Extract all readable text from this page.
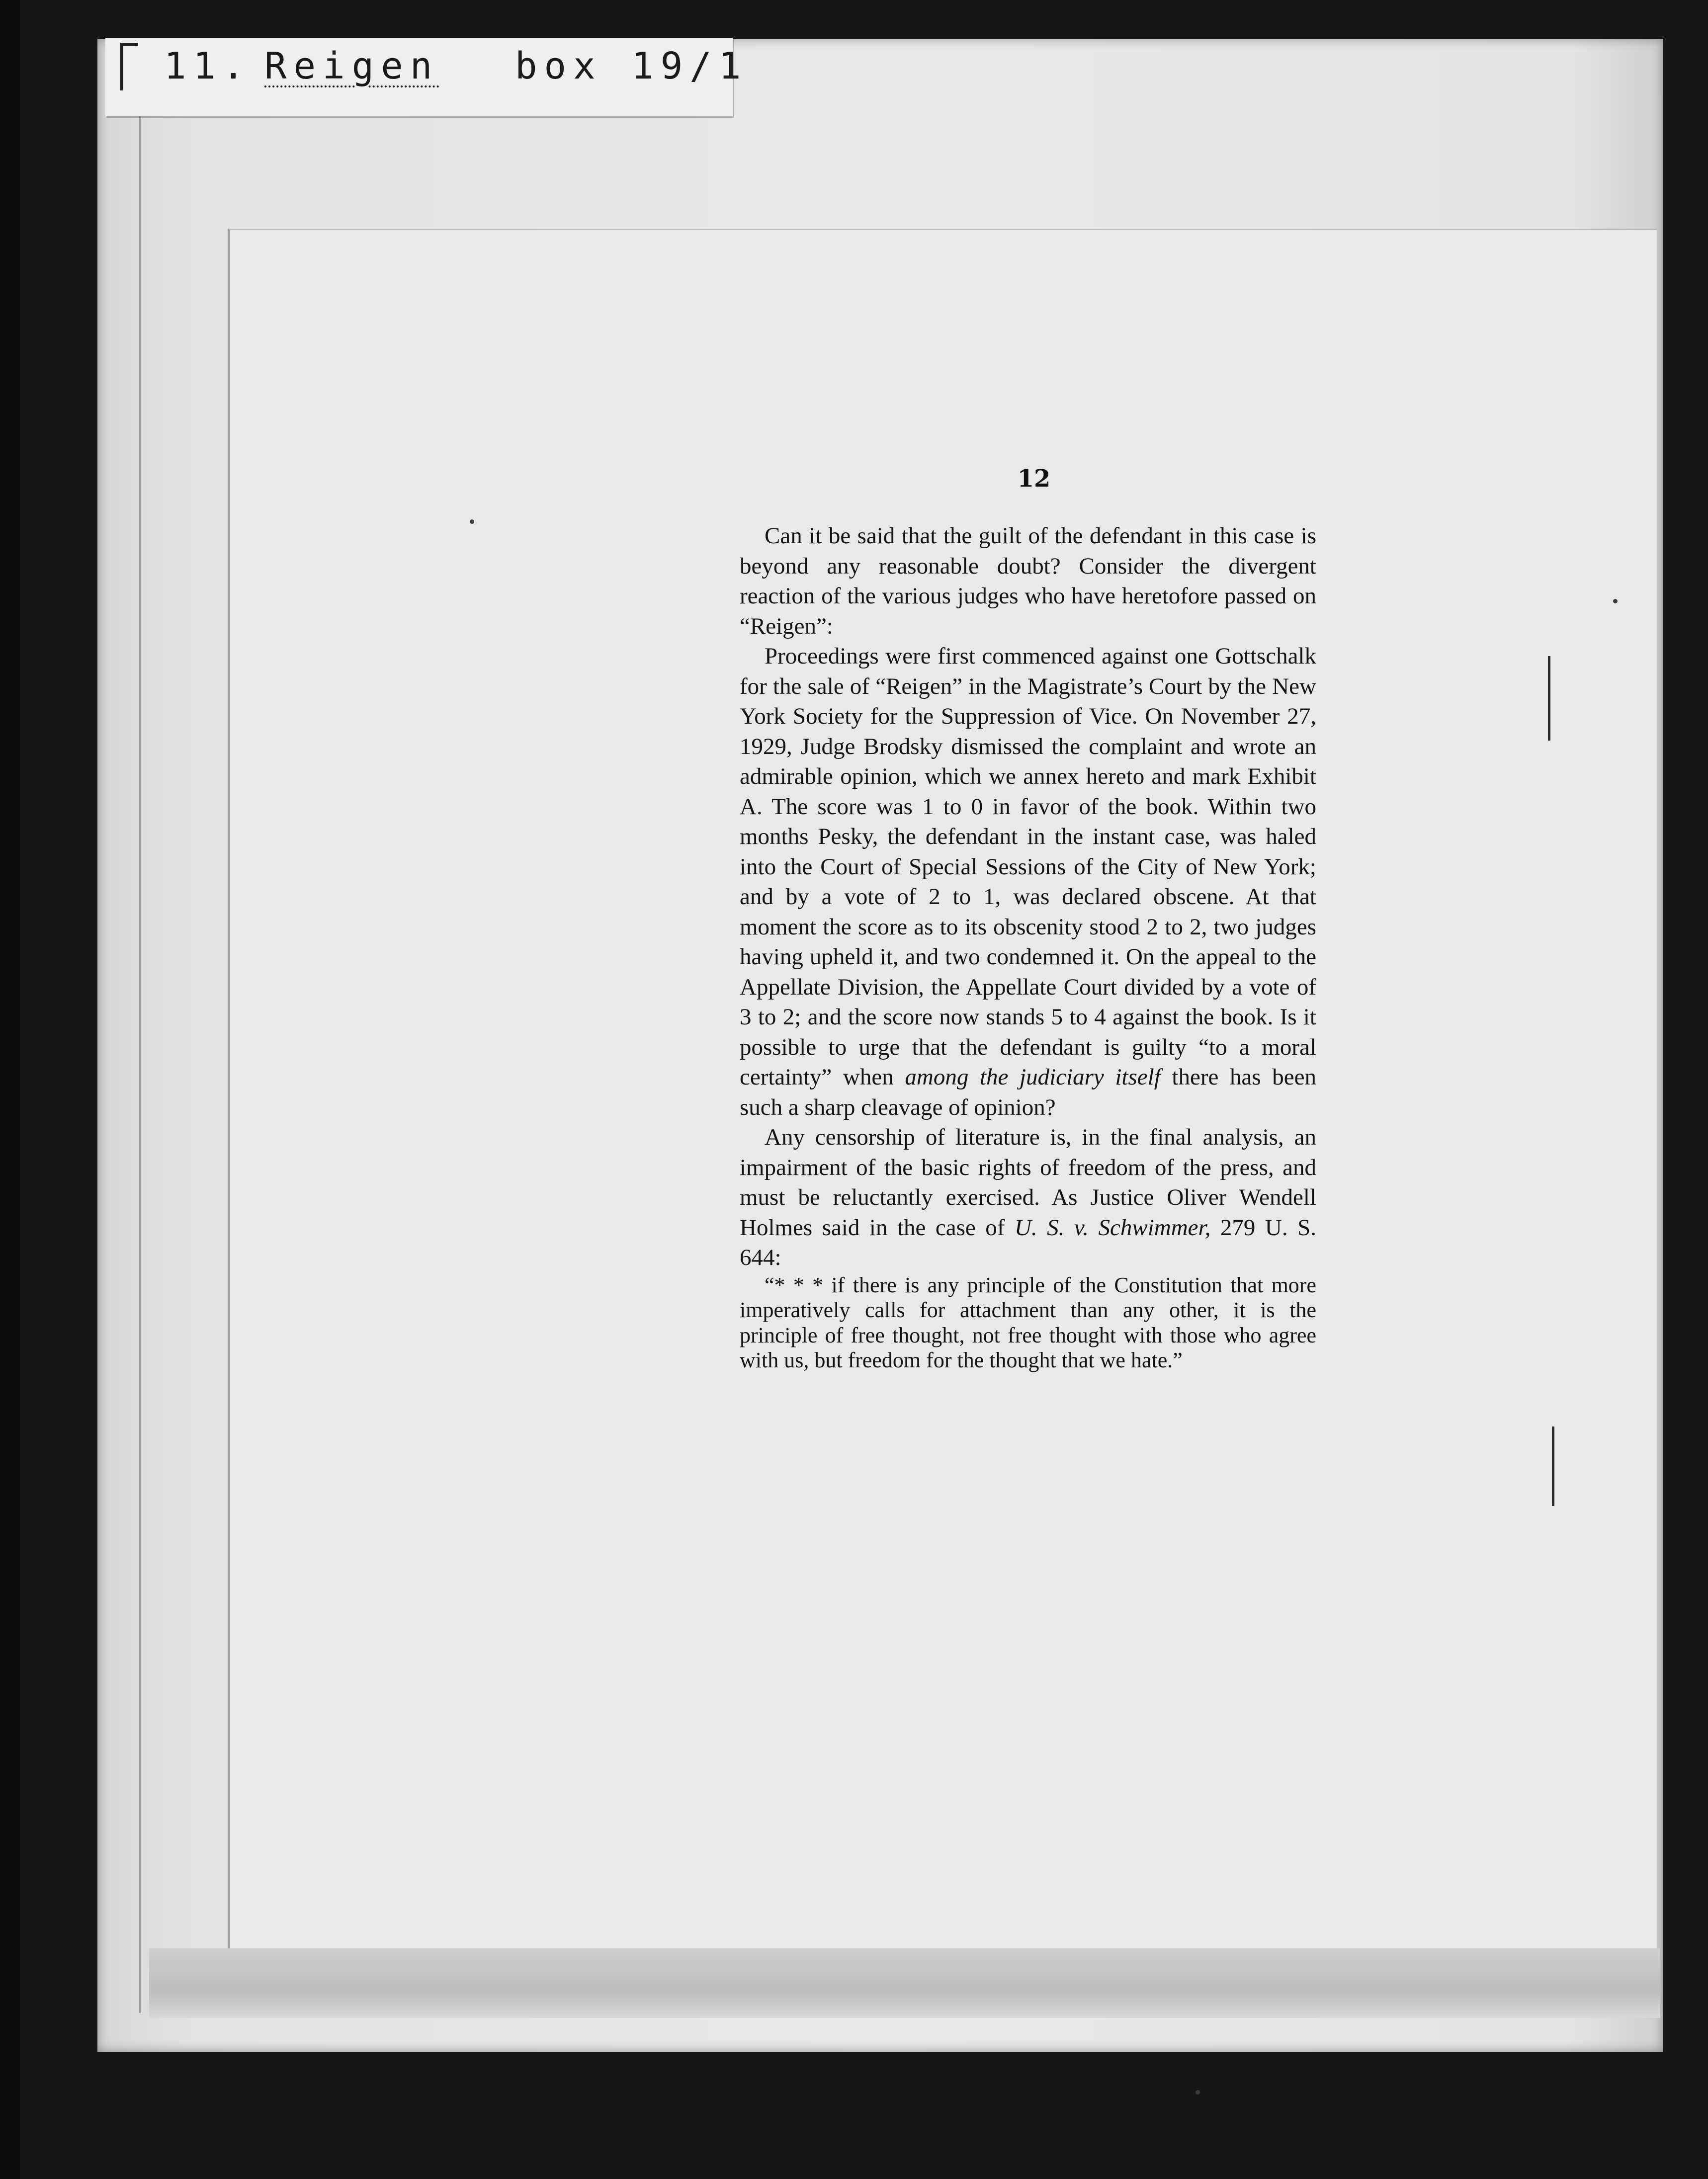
11. Reigen box 19/1
12

Can it be said that the guilt of the defendant in this case is beyond any reasonable doubt? Consider the divergent reaction of the various judges who have heretofore passed on “Reigen”:

Proceedings were first commenced against one Gottschalk for the sale of “Reigen” in the Magistrate’s Court by the New York Society for the Suppression of Vice. On November 27, 1929, Judge Brodsky dismissed the complaint and wrote an admirable opinion, which we annex hereto and mark Exhibit A. The score was 1 to 0 in favor of the book. Within two months Pesky, the defendant in the instant case, was haled into the Court of Special Sessions of the City of New York; and by a vote of 2 to 1, was declared obscene. At that moment the score as to its obscenity stood 2 to 2, two judges having upheld it, and two condemned it. On the appeal to the Appellate Division, the Appellate Court divided by a vote of 3 to 2; and the score now stands 5 to 4 against the book. Is it possible to urge that the defendant is guilty “to a moral certainty” when among the judiciary itself there has been such a sharp cleavage of opinion?

Any censorship of literature is, in the final analysis, an impairment of the basic rights of freedom of the press, and must be reluctantly exercised. As Justice Oliver Wendell Holmes said in the case of U. S. v. Schwimmer, 279 U. S. 644:

“* * * if there is any principle of the Constitution that more imperatively calls for attachment than any other, it is the principle of free thought, not free thought with those who agree with us, but freedom for the thought that we hate.”
